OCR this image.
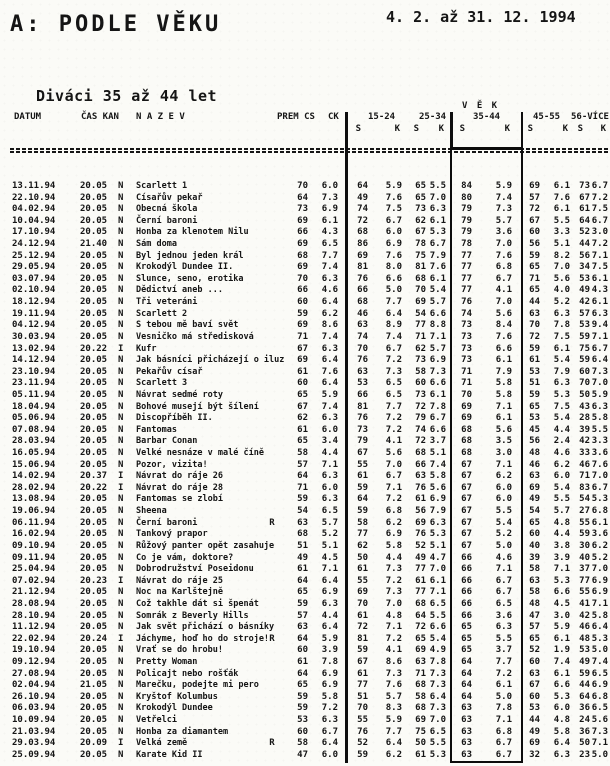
A: PODLE VĚKU	4. 2. až 31. 12. 1994
Diváci 35 až 44 let
DATUM	ČAS KAN N A Z E V	PREM CS CK
V Ě K
15-24	25-34	35-44	45-55 56-VÍCE
S	K	S	K	S	K	S	K	S	K
13.11.94	20.05	N	Scarlett 1	70	6.0	64	5.9	65 5.5	84	5.9	69	6.1	73 6.7
22.10.94	20.05	N	Císařův pekař	64	7.3	49	7.6	65 7.0	80	7.4	57	7.6	67 7.2
04.02.94	20.05	N	Obecná škola	73	6.9	74	7.5	73 6.3	79	7.3	72	6.1	61 7.5
10.04.94	20.05	N	Černí baroni	69	6.1	72	6.7	62 6.1	79	5.7	67	5.5	64 6.7
17.10.94	20.05	N	Honba za klenotem Nilu	66	4.3	68	6.0	67 5.3	79	3.6	60	3.3	52 3.0
24.12.94	21.40	N	Sám doma	69	6.5	86	6.9	78 6.7	78	7.0	56	5.1	44 7.2
25.12.94	20.05	N	Byl jednou jeden král	68	7.7	69	7.6	75 7.9	77	7.6	59	8.2	56 7.1
29.05.94	20.05	N	Krokodýl Dundee II.	69	7.4	81	8.0	81 7.6	77	6.8	65	7.0	34 7.5
03.07.94	20.05	N	Slunce, seno, erotika	70	6.3	76	6.6	68 6.1	77	6.7	71	5.6	53 6.1
02.10.94	20.05	N	Dědictví aneb ...	66	4.6	66	5.0	70 5.4	77	4.1	65	4.0	49 4.3
18.12.94	20.05	N	Tři veteráni	60	6.4	68	7.7	69 5.7	76	7.0	44	5.2	42 6.1
19.11.94	20.05	N	Scarlett 2	59	6.2	46	6.4	54 6.6	74	5.6	63	6.3	57 6.3
04.12.94	20.05	N	S tebou mě baví svět	69	8.6	63	8.9	77 8.8	73	8.4	70	7.8	53 9.4
30.03.94	20.05	N	Vesničko má středisková	71	7.4	74	7.4	71 7.1	73	7.6	72	7.5	59 7.1
13.02.94	20.22	I	Kufr	67	6.3	70	6.7	62 5.7	73	6.6	59	6.1	75 6.7
14.12.94	20.05	N	Jak básníci přicházejí o iluz	69	6.4	76	7.2	73 6.9	73	6.1	61	5.4	59 6.4
23.10.94	20.05	N	Pekařův císař	61	7.6	63	7.3	58 7.3	71	7.9	53	7.9	60 7.3
23.11.94	20.05	N	Scarlett 3	60	6.4	53	6.5	60 6.6	71	5.8	51	6.3	70 7.0
05.11.94	20.05	N	Návrat sedmé roty	65	5.9	66	6.5	73 6.1	70	5.8	59	5.3	50 5.9
18.04.94	20.05	N	Bohové musejí být šílení	67	7.4	81	7.7	72 7.8	69	7.1	65	7.5	43 6.3
05.06.94	20.05	N	Discopříběh II.	62	6.3	76	7.2	79 6.7	69	6.1	53	5.4	28 5.8
07.08.94	20.05	N	Fantomas	61	6.0	73	7.2	74 6.6	68	5.6	45	4.4	39 5.5
28.03.94	20.05	N	Barbar Conan	65	3.4	79	4.1	72 3.7	68	3.5	56	2.4	42 3.3
16.05.94	20.05	N	Velké nesnáze v malé číně	58	4.4	67	5.6	68 5.1	68	3.0	48	4.6	33 3.6
15.06.94	20.05	N	Pozor, vizita!	57	7.1	55	7.0	66 7.4	67	7.1	46	6.2	46 7.6
14.02.94	20.37	I	Návrat do ráje 26	64	6.3	61	6.7	63 5.8	67	6.2	63	6.0	71 7.0
28.02.94	20.22	I	Návrat do ráje 28	71	6.0	59	7.1	76 5.6	67	6.0	69	5.4	83 6.7
13.08.94	20.05	N	Fantomas se zlobí	59	6.3	64	7.2	61 6.9	67	6.0	49	5.5	54 5.3
19.06.94	20.05	N	Sheena	54	6.5	59	6.8	56 7.9	67	5.5	54	5.7	27 6.8
06.11.94	20.05	N	Černí baroni	R	63	5.7	58	6.2	69 6.3	67	5.4	65	4.8	55 6.1
16.02.94	20.05	N	Tankový prapor	68	5.2	77	6.9	76 5.3	67	5.2	60	4.4	59 3.6
09.10.94	20.05	N	Růžový panter opět zasahuje	51	5.1	62	5.8	52 5.1	67	5.0	40	3.8	30 6.2
09.11.94	20.05	N	Co je vám, doktore?	49	4.5	50	4.4	49 4.7	66	4.6	39	3.9	40 5.2
25.04.94	20.05	N	Dobrodružství Poseidonu	61	7.1	61	7.3	77 7.0	66	7.1	58	7.1	37 7.0
07.02.94	20.23	I	Návrat do ráje 25	64	6.4	55	7.2	61 6.1	66	6.7	63	5.3	77 6.9
21.12.94	20.05	N	Noc na Karlštejně	65	6.9	69	7.3	77 7.1	66	6.7	58	6.6	55 6.9
28.08.94	20.05	N	Což takhle dát si špenát	59	6.3	70	7.0	68 6.5	66	6.5	48	4.5	41 7.1
28.10.94	20.05	N	Somrák z Beverly Hills	57	4.4	61	4.8	64 5.5	66	3.6	47	3.0	42 5.8
11.12.94	20.05	N	Jak svět přichází o básníky	63	6.4	72	7.1	72 6.6	65	6.3	57	5.9	46 6.4
22.02.94	20.24	I	Jáchyme, hoď ho do stroje! R	64	5.9	81	7.2	65 5.4	65	5.5	65	6.1	48 5.3
19.10.94	20.05	N	Vrať se do hrobu!	60	3.9	59	4.1	69 4.9	65	3.7	52	1.9	53 5.0
09.12.94	20.05	N	Pretty Woman	61	7.8	67	8.6	63 7.8	64	7.7	60	7.4	49 7.4
27.08.94	20.05	N	Policajt nebo rošťák	64	6.9	61	7.3	71 7.3	64	7.2	63	6.1	59 6.5
02.04.94	21.05	N	Marečku, podejte mi pero	65	6.9	77	7.6	68 7.3	64	6.1	67	6.6	44 6.9
26.10.94	20.05	N	Kryštof Kolumbus	59	5.8	51	5.7	58 6.4	64	5.0	60	5.3	64 6.8
06.03.94	20.05	N	Krokodýl Dundee	59	7.2	70	8.3	68 7.3	63	7.8	53	6.0	36 6.5
10.09.94	20.05	N	Vetřelci	53	6.3	55	5.9	69 7.0	63	7.1	44	4.8	24 5.6
21.03.94	20.05	N	Honba za diamantem	60	6.7	76	7.7	75 6.5	63	6.8	49	5.8	36 7.3
29.03.94	20.09	I	Velká země	R	58	6.4	52	6.4	50 5.5	63	6.7	69	6.4	50 7.1
25.09.94	20.05	N	Karate Kid II	47	6.0	59	6.2	61 5.3	63	6.7	32	6.3	23 5.0
